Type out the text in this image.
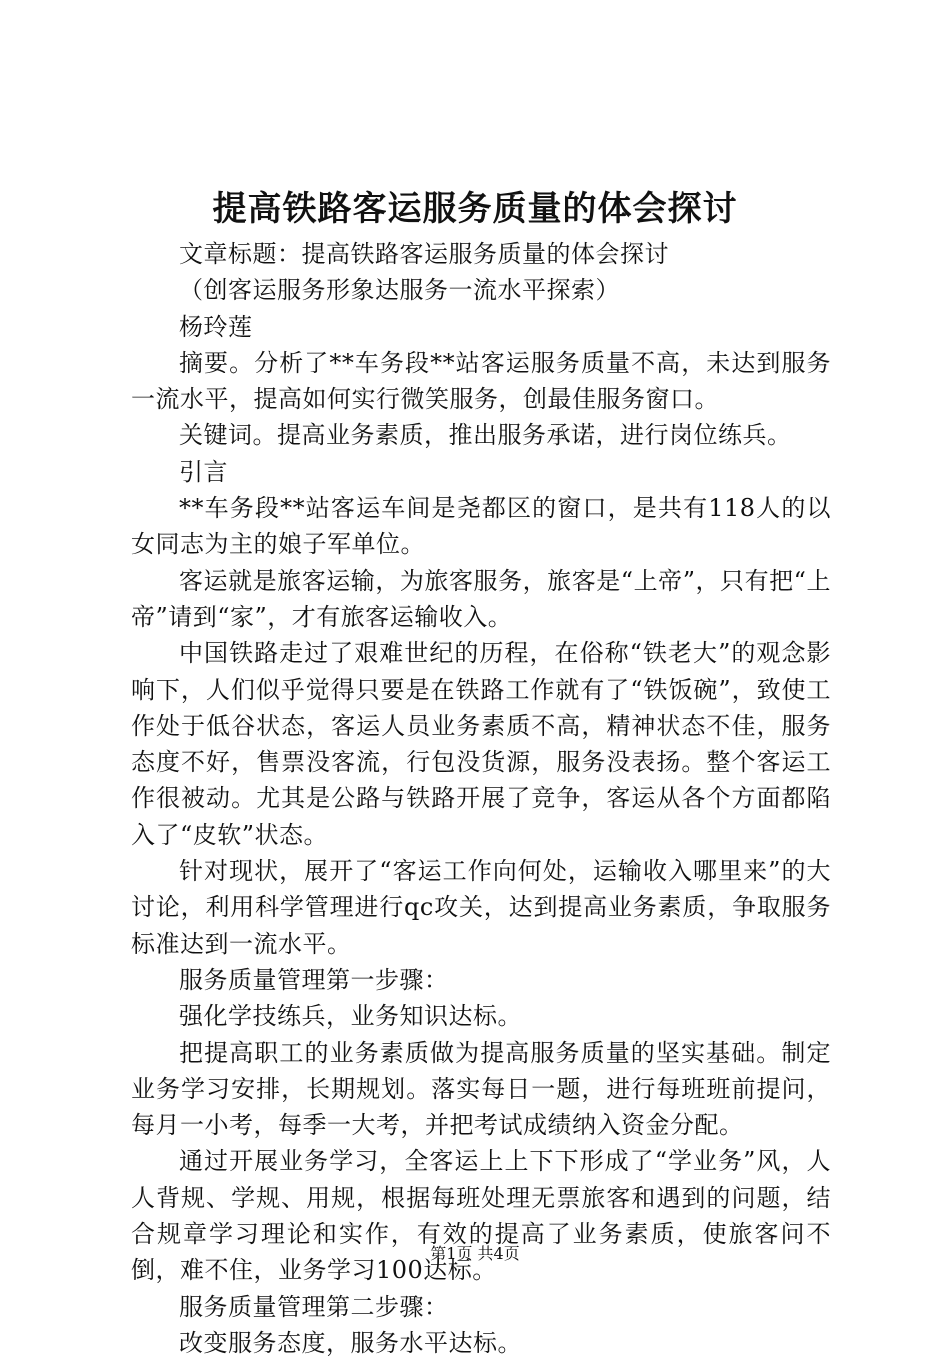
提高铁路客运服务质量的体会探讨

文章标题：提高铁路客运服务质量的体会探讨

（创客运服务形象达服务一流水平探索）

杨玲莲

摘要。分析了**车务段**站客运服务质量不高，未达到服务一流水平，提高如何实行微笑服务，创最佳服务窗口。

关键词。提高业务素质，推出服务承诺，进行岗位练兵。

引言

**车务段**站客运车间是尧都区的窗口，是共有118人的以女同志为主的娘子军单位。

客运就是旅客运输，为旅客服务，旅客是“上帝”，只有把“上帝”请到“家”，才有旅客运输收入。

中国铁路走过了艰难世纪的历程，在俗称“铁老大”的观念影响下，人们似乎觉得只要是在铁路工作就有了“铁饭碗”，致使工作处于低谷状态，客运人员业务素质不高，精神状态不佳，服务态度不好，售票没客流，行包没货源，服务没表扬。整个客运工作很被动。尤其是公路与铁路开展了竞争，客运从各个方面都陷入了“皮软”状态。

针对现状，展开了“客运工作向何处，运输收入哪里来”的大讨论，利用科学管理进行qc攻关，达到提高业务素质，争取服务标准达到一流水平。

服务质量管理第一步骤：

强化学技练兵，业务知识达标。

把提高职工的业务素质做为提高服务质量的坚实基础。制定业务学习安排，长期规划。落实每日一题，进行每班班前提问，每月一小考，每季一大考，并把考试成绩纳入资金分配。

通过开展业务学习，全客运上上下下形成了“学业务”风，人人背规、学规、用规，根据每班处理无票旅客和遇到的问题，结合规章学习理论和实作，有效的提高了业务素质，使旅客问不倒，难不住，业务学习100达标。

服务质量管理第二步骤：

改变服务态度，服务水平达标。

第1页 共4页
